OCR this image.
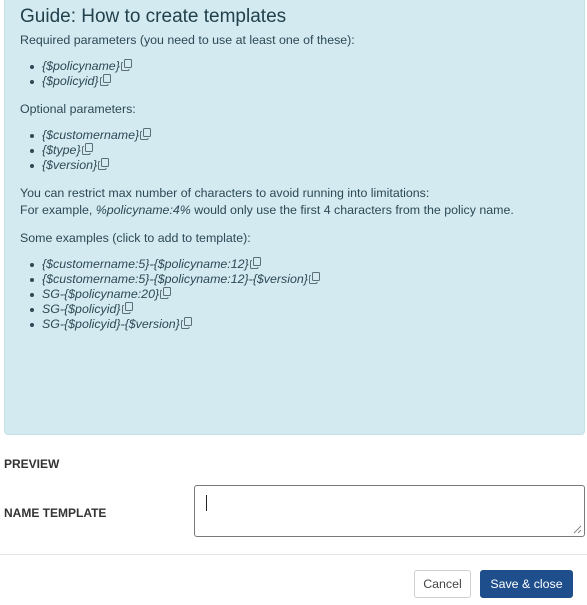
Guide: How to create templates

Required parameters (you need to use at least one of these):

{$policyname}
{$policyid}

Optional parameters:

{$customername}
{$type}
{$version}

You can restrict max number of characters to avoid running into limitations:

For example, %policyname:4% would only use the first 4 characters from the policy name.

Some examples (click to add to template):

{$customername:5}-{$policyname:12}
{$customername:5}-{$policyname:12}-{$version}
SG-{$policyname:20}
SG-{$policyid}
SG-{$policyid}-{$version}
PREVIEW
NAME TEMPLATE
Cancel	Save & close
